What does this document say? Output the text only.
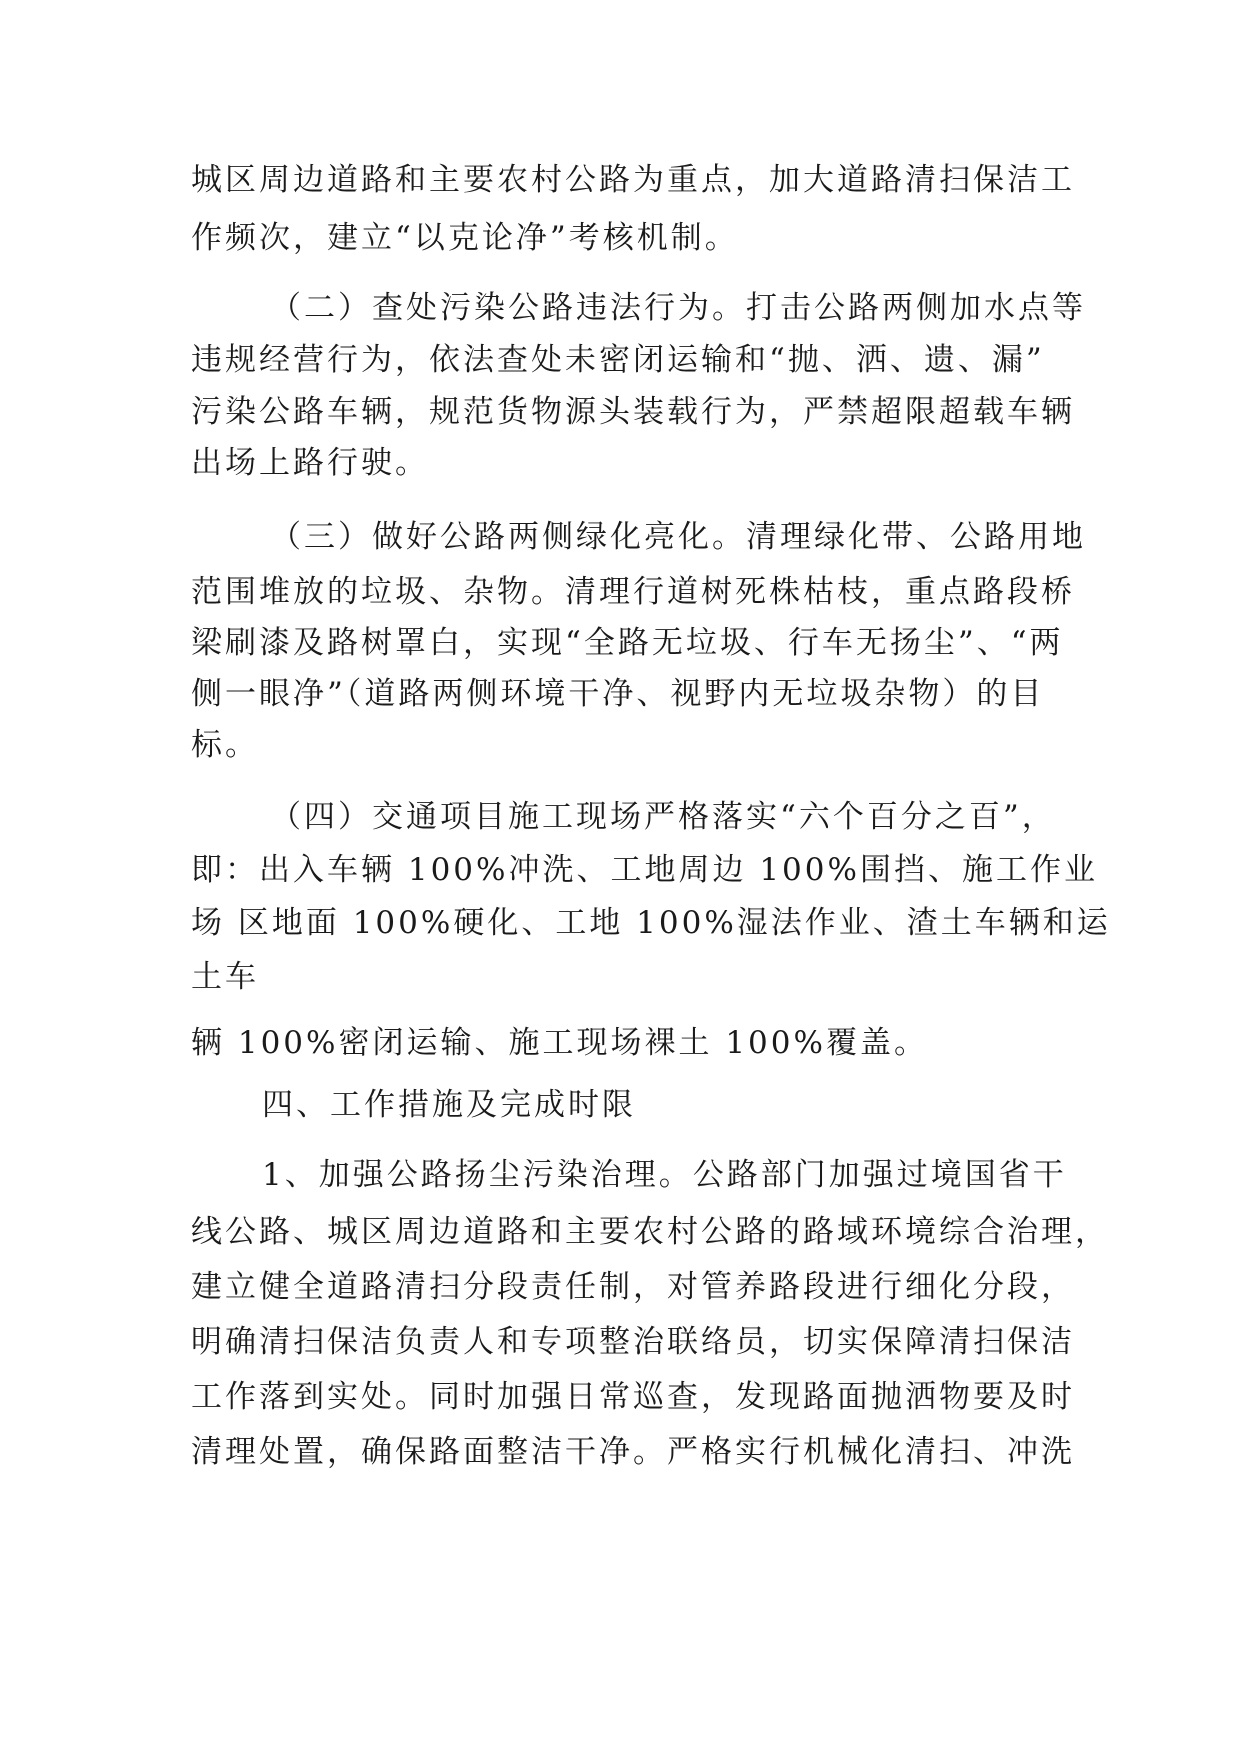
城区周边道路和主要农村公路为重点，加大道路清扫保洁工
作频次，建立“以克论净”考核机制。
（二）查处污染公路违法行为。打击公路两侧加水点等
违规经营行为，依法查处未密闭运输和“抛、洒、遗、漏”
污染公路车辆，规范货物源头装载行为，严禁超限超载车辆
出场上路行驶。
（三）做好公路两侧绿化亮化。清理绿化带、公路用地
范围堆放的垃圾、杂物。清理行道树死株枯枝，重点路段桥
梁刷漆及路树罩白，实现“全路无垃圾、行车无扬尘”、“两
侧一眼净”（道路两侧环境干净、视野内无垃圾杂物）的目
标。
（四）交通项目施工现场严格落实“六个百分之百”，
即：出入车辆 100%冲洗、工地周边 100%围挡、施工作业
场 区地面 100%硬化、工地 100%湿法作业、渣土车辆和运
土车
辆 100%密闭运输、施工现场裸土 100%覆盖。
四、工作措施及完成时限
1、加强公路扬尘污染治理。公路部门加强过境国省干
线公路、城区周边道路和主要农村公路的路域环境综合治理，
建立健全道路清扫分段责任制，对管养路段进行细化分段，
明确清扫保洁负责人和专项整治联络员，切实保障清扫保洁
工作落到实处。同时加强日常巡查，发现路面抛洒物要及时
清理处置，确保路面整洁干净。严格实行机械化清扫、冲洗
